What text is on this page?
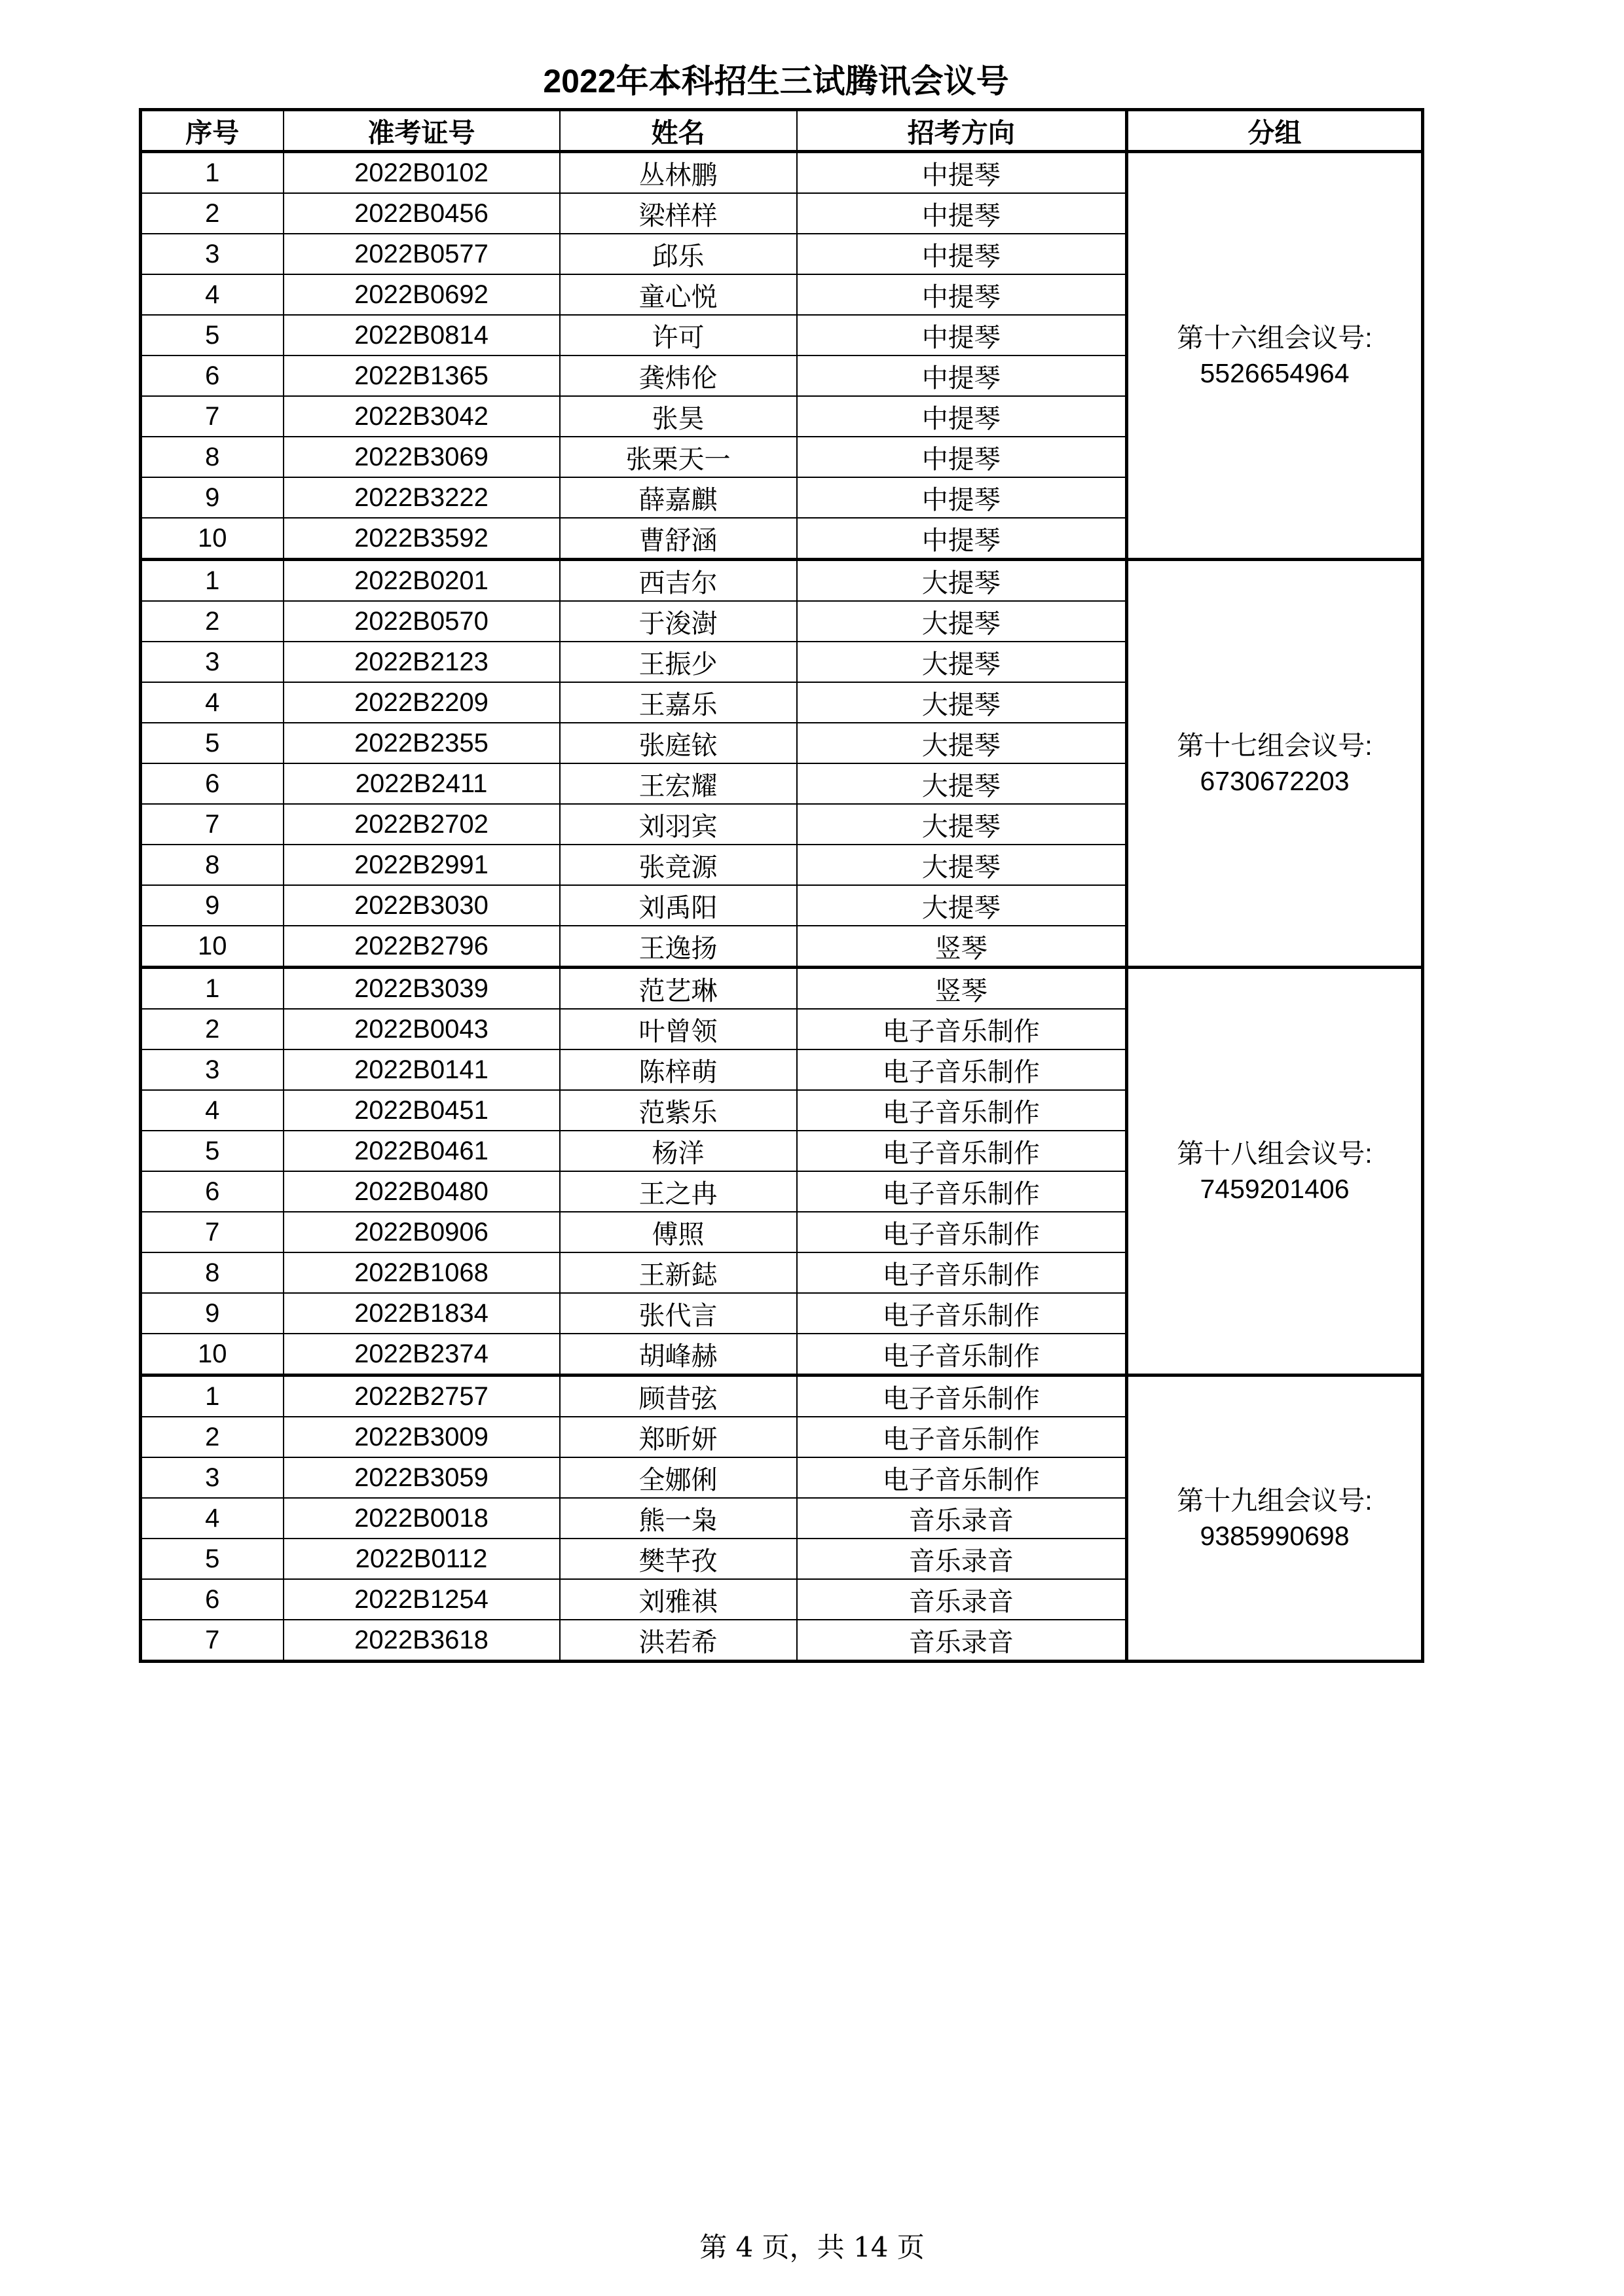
2022年本科招生三试腾讯会议号
序号	准考证号	姓名	招考方向	分组
1	2022B0102	丛林鹏	中提琴	第十六组会议号:
5526654964

2	2022B0456	梁样样	中提琴	
3	2022B0577	邱乐	中提琴	
4	2022B0692	童心悦	中提琴	
5	2022B0814	许可	中提琴	
6	2022B1365	龚炜伦	中提琴	
7	2022B3042	张昊	中提琴	
8	2022B3069	张栗天一	中提琴	
9	2022B3222	薛嘉麒	中提琴	
10	2022B3592	曹舒涵	中提琴	
1	2022B0201	西吉尔	大提琴	第十七组会议号:
6730672203

2	2022B0570	于浚澍	大提琴	
3	2022B2123	王振少	大提琴	
4	2022B2209	王嘉乐	大提琴	
5	2022B2355	张庭铱	大提琴	
6	2022B2411	王宏耀	大提琴	
7	2022B2702	刘羽宾	大提琴	
8	2022B2991	张竞源	大提琴	
9	2022B3030	刘禹阳	大提琴	
10	2022B2796	王逸扬	竖琴	
1	2022B3039	范艺琳	竖琴	第十八组会议号:
7459201406

2	2022B0043	叶曾领	电子音乐制作	
3	2022B0141	陈梓萌	电子音乐制作	
4	2022B0451	范紫乐	电子音乐制作	
5	2022B0461	杨洋	电子音乐制作	
6	2022B0480	王之冉	电子音乐制作	
7	2022B0906	傅照	电子音乐制作	
8	2022B1068	王新鋕	电子音乐制作	
9	2022B1834	张代言	电子音乐制作	
10	2022B2374	胡峰赫	电子音乐制作	
1	2022B2757	顾昔弦	电子音乐制作	第十九组会议号:
9385990698

2	2022B3009	郑昕妍	电子音乐制作	
3	2022B3059	全娜俐	电子音乐制作	
4	2022B0018	熊一枭	音乐录音	
5	2022B0112	樊芊孜	音乐录音	
6	2022B1254	刘雅祺	音乐录音	
7	2022B3618	洪若希	音乐录音	
第 4 页，共 14 页
